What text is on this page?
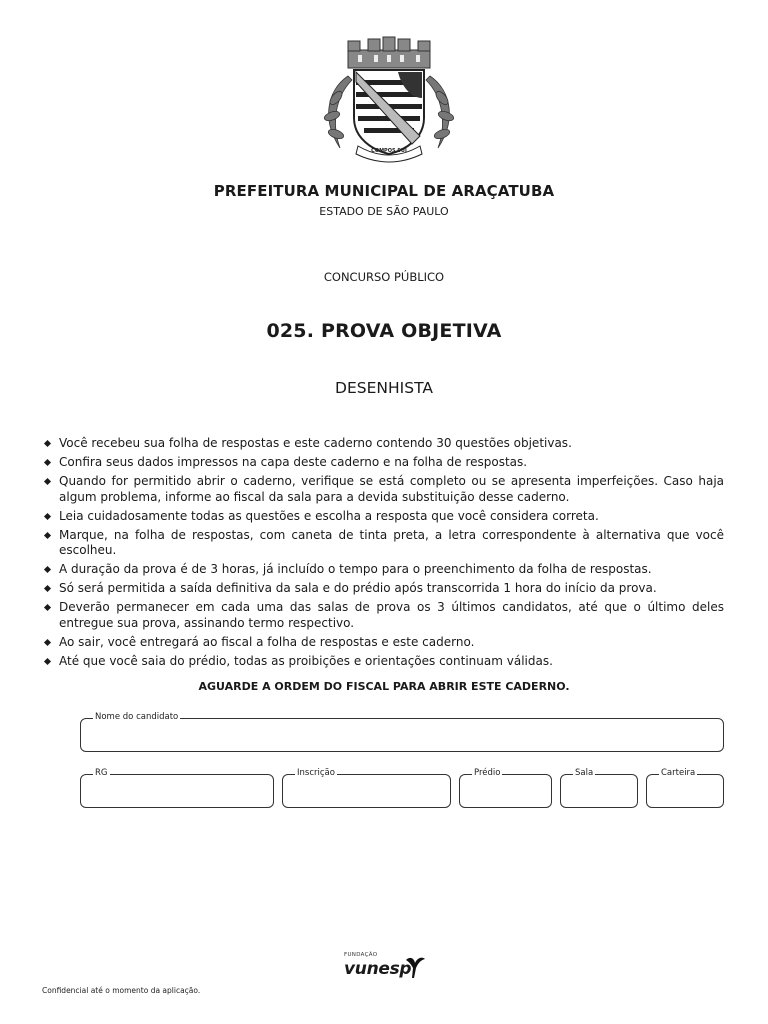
COMPOS SUI
PREFEITURA MUNICIPAL DE ARAÇATUBA
ESTADO DE SÃO PAULO
CONCURSO PÚBLICO
025. PROVA OBJETIVA
DESENHISTA
Você recebeu sua folha de respostas e este caderno contendo 30 questões objetivas.
Confira seus dados impressos na capa deste caderno e na folha de respostas.
Quando for permitido abrir o caderno, verifique se está completo ou se apresenta imperfeições. Caso haja algum problema, informe ao fiscal da sala para a devida substituição desse caderno.
Leia cuidadosamente todas as questões e escolha a resposta que você considera correta.
Marque, na folha de respostas, com caneta de tinta preta, a letra correspondente à alternativa que você escolheu.
A duração da prova é de 3 horas, já incluído o tempo para o preenchimento da folha de respostas.
Só será permitida a saída definitiva da sala e do prédio após transcorrida 1 hora do início da prova.
Deverão permanecer em cada uma das salas de prova os 3 últimos candidatos, até que o último deles entregue sua prova, assinando termo respectivo.
Ao sair, você entregará ao fiscal a folha de respostas e este caderno.
Até que você saia do prédio, todas as proibições e orientações continuam válidas.
AGUARDE A ORDEM DO FISCAL PARA ABRIR ESTE CADERNO.
Nome do candidato
RG	Inscrição	Prédio	Sala	Carteira
FUNDAÇÃO
vunesp
Confidencial até o momento da aplicação.
